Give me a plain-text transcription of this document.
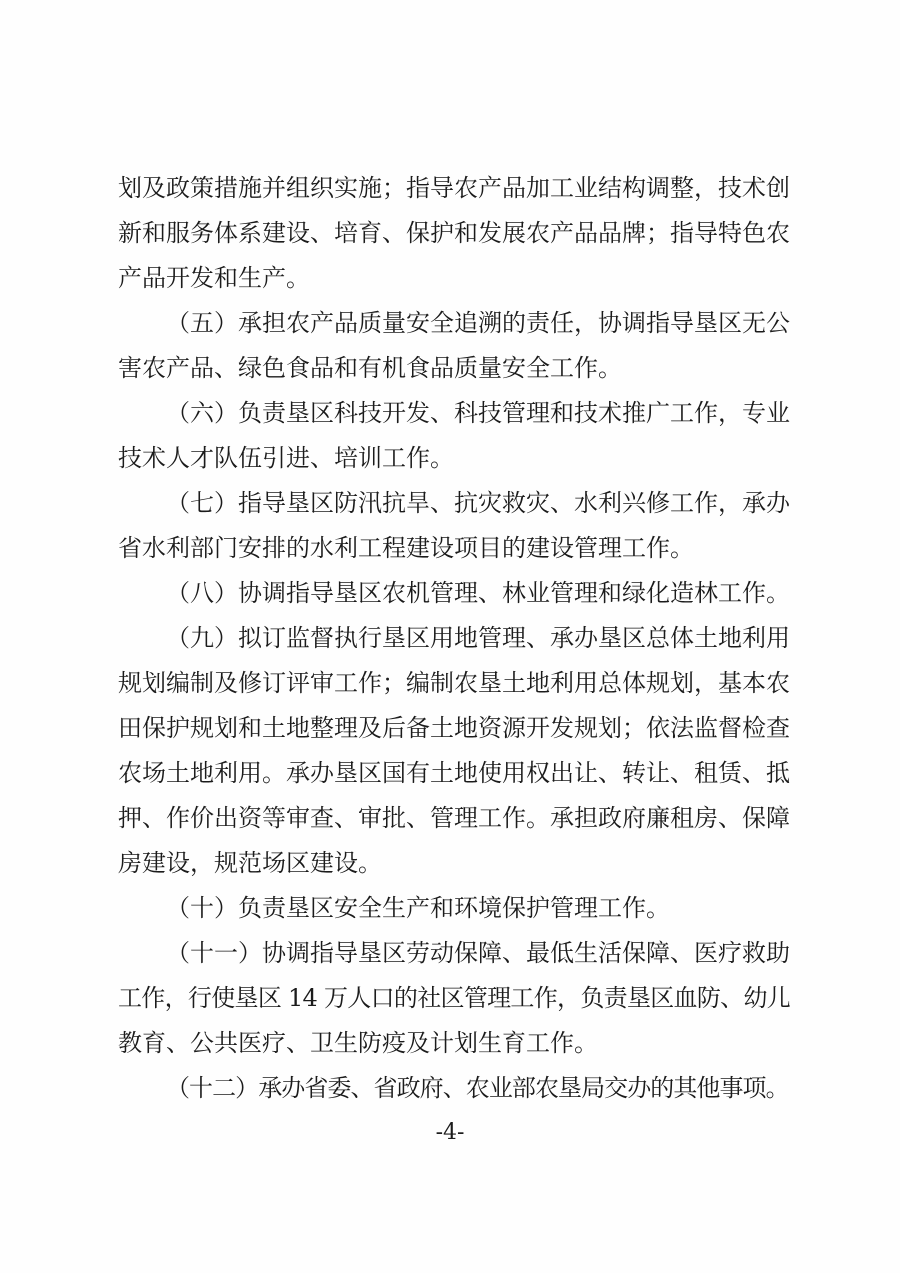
划及政策措施并组织实施；指导农产品加工业结构调整，技术创
新和服务体系建设、培育、保护和发展农产品品牌；指导特色农
产品开发和生产。
（五）承担农产品质量安全追溯的责任，协调指导垦区无公
害农产品、绿色食品和有机食品质量安全工作。
（六）负责垦区科技开发、科技管理和技术推广工作，专业
技术人才队伍引进、培训工作。
（七）指导垦区防汛抗旱、抗灾救灾、水利兴修工作，承办
省水利部门安排的水利工程建设项目的建设管理工作。
（八）协调指导垦区农机管理、林业管理和绿化造林工作。
（九）拟订监督执行垦区用地管理、承办垦区总体土地利用
规划编制及修订评审工作；编制农垦土地利用总体规划，基本农
田保护规划和土地整理及后备土地资源开发规划；依法监督检查
农场土地利用。承办垦区国有土地使用权出让、转让、租赁、抵
押、作价出资等审查、审批、管理工作。承担政府廉租房、保障
房建设，规范场区建设。
（十）负责垦区安全生产和环境保护管理工作。
（十一）协调指导垦区劳动保障、最低生活保障、医疗救助
工作，行使垦区 14 万人口的社区管理工作，负责垦区血防、幼儿
教育、公共医疗、卫生防疫及计划生育工作。
（十二）承办省委、省政府、农业部农垦局交办的其他事项。
-4-
